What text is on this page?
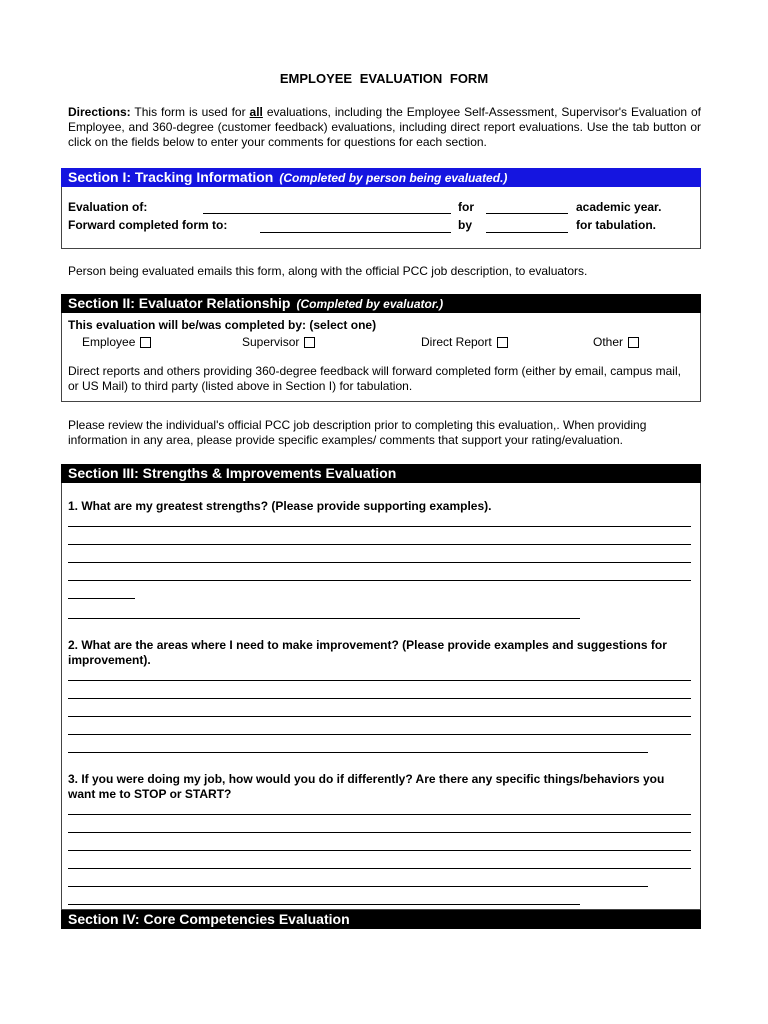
EMPLOYEE EVALUATION FORM
Directions: This form is used for all evaluations, including the Employee Self-Assessment, Supervisor's Evaluation of Employee, and 360-degree (customer feedback) evaluations, including direct report evaluations. Use the tab button or click on the fields below to enter your comments for questions for each section.
Section I: Tracking Information (Completed by person being evaluated.)
Evaluation of:	for	academic year.
Forward completed form to:	by	for tabulation.
Person being evaluated emails this form, along with the official PCC job description, to evaluators.
Section II: Evaluator Relationship (Completed by evaluator.)
This evaluation will be/was completed by: (select one)
Employee	Supervisor	Direct Report	Other
Direct reports and others providing 360-degree feedback will forward completed form (either by email, campus mail, or US Mail) to third party (listed above in Section I) for tabulation.
Please review the individual's official PCC job description prior to completing this evaluation,. When providing information in any area, please provide specific examples/ comments that support your rating/evaluation.
Section III: Strengths & Improvements Evaluation
1. What are my greatest strengths? (Please provide supporting examples).
2. What are the areas where I need to make improvement? (Please provide examples and suggestions for improvement).
3. If you were doing my job, how would you do if differently? Are there any specific things/behaviors you want me to STOP or START?
Section IV: Core Competencies Evaluation
